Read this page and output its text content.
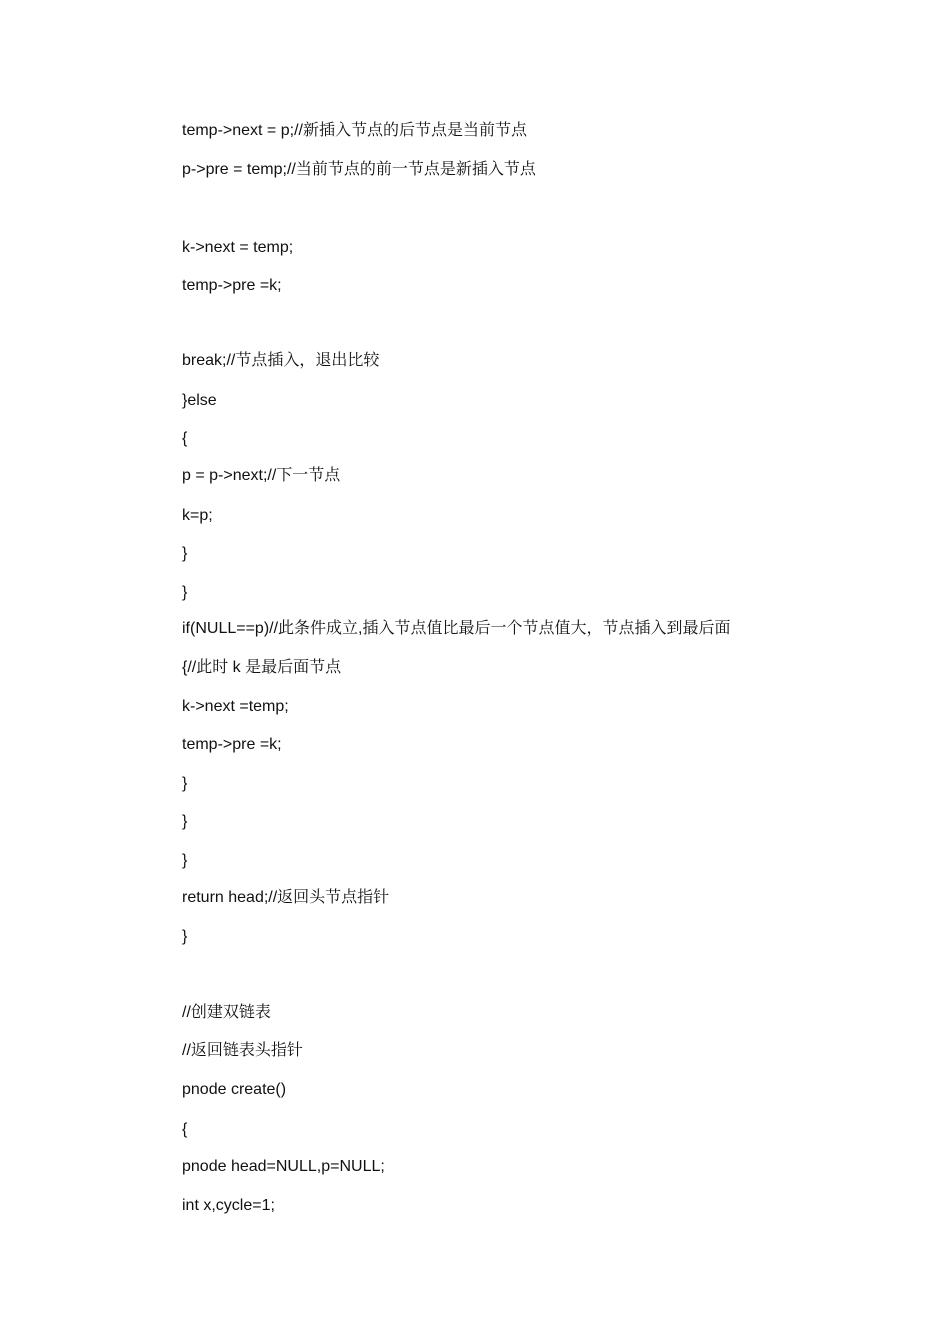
temp->next = p;//新插入节点的后节点是当前节点
p->pre = temp;//当前节点的前一节点是新插入节点
k->next = temp;
temp->pre =k;
break;//节点插入，退出比较
}else
{
p = p->next;//下一节点
k=p;
}
}
if(NULL==p)//此条件成立,插入节点值比最后一个节点值大，节点插入到最后面
{//此时 k 是最后面节点
k->next =temp;
temp->pre =k;
}
}
}
return head;//返回头节点指针
}
//创建双链表
//返回链表头指针
pnode create()
{
pnode head=NULL,p=NULL;
int x,cycle=1;
